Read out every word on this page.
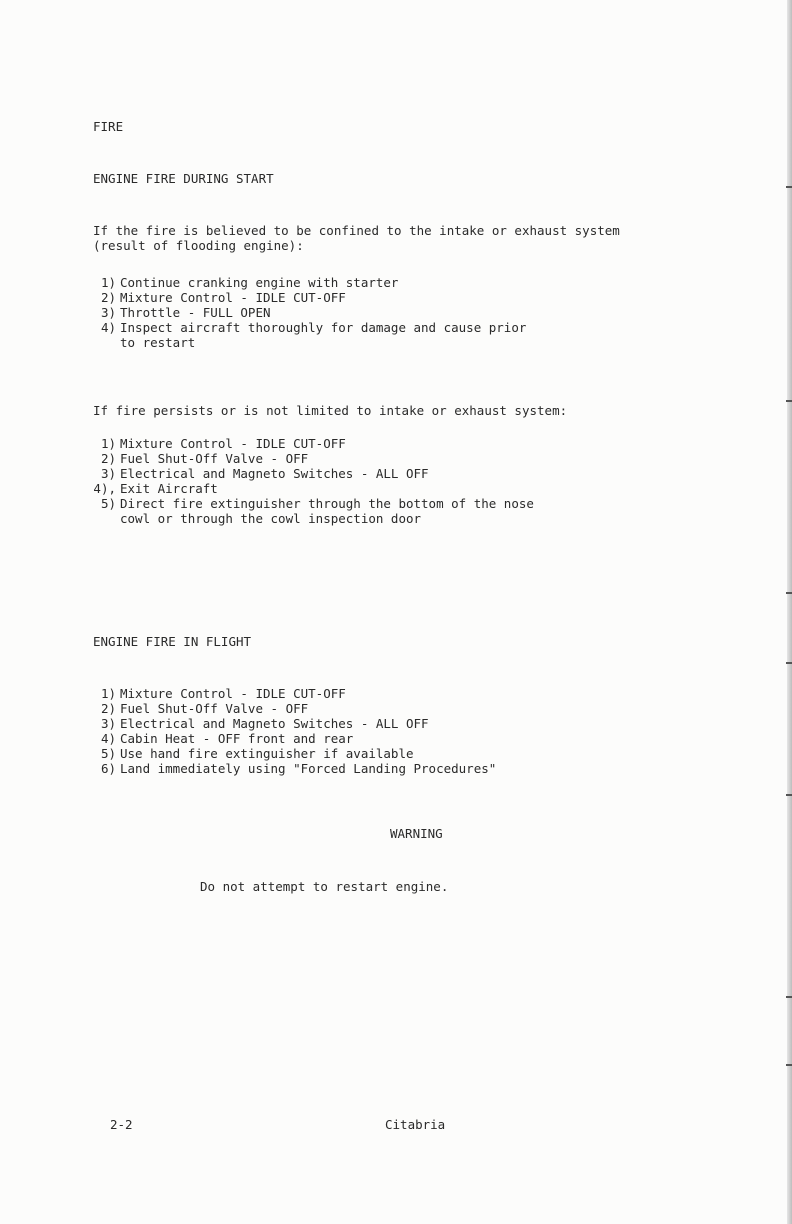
FIRE
ENGINE FIRE DURING START
If the fire is believed to be confined to the intake or exhaust system
(result of flooding engine):
1) Continue cranking engine with starter
2) Mixture Control - IDLE CUT-OFF
3) Throttle - FULL OPEN
4) Inspect aircraft thoroughly for damage and cause prior
to restart
If fire persists or is not limited to intake or exhaust system:
1) Mixture Control - IDLE CUT-OFF
2) Fuel Shut-Off Valve - OFF
3) Electrical and Magneto Switches - ALL OFF
4), Exit Aircraft
5) Direct fire extinguisher through the bottom of the nose
cowl or through the cowl inspection door
ENGINE FIRE IN FLIGHT
1) Mixture Control - IDLE CUT-OFF
2) Fuel Shut-Off Valve - OFF
3) Electrical and Magneto Switches - ALL OFF
4) Cabin Heat - OFF front and rear
5) Use hand fire extinguisher if available
6) Land immediately using "Forced Landing Procedures"
WARNING
Do not attempt to restart engine.
2-2	Citabria
